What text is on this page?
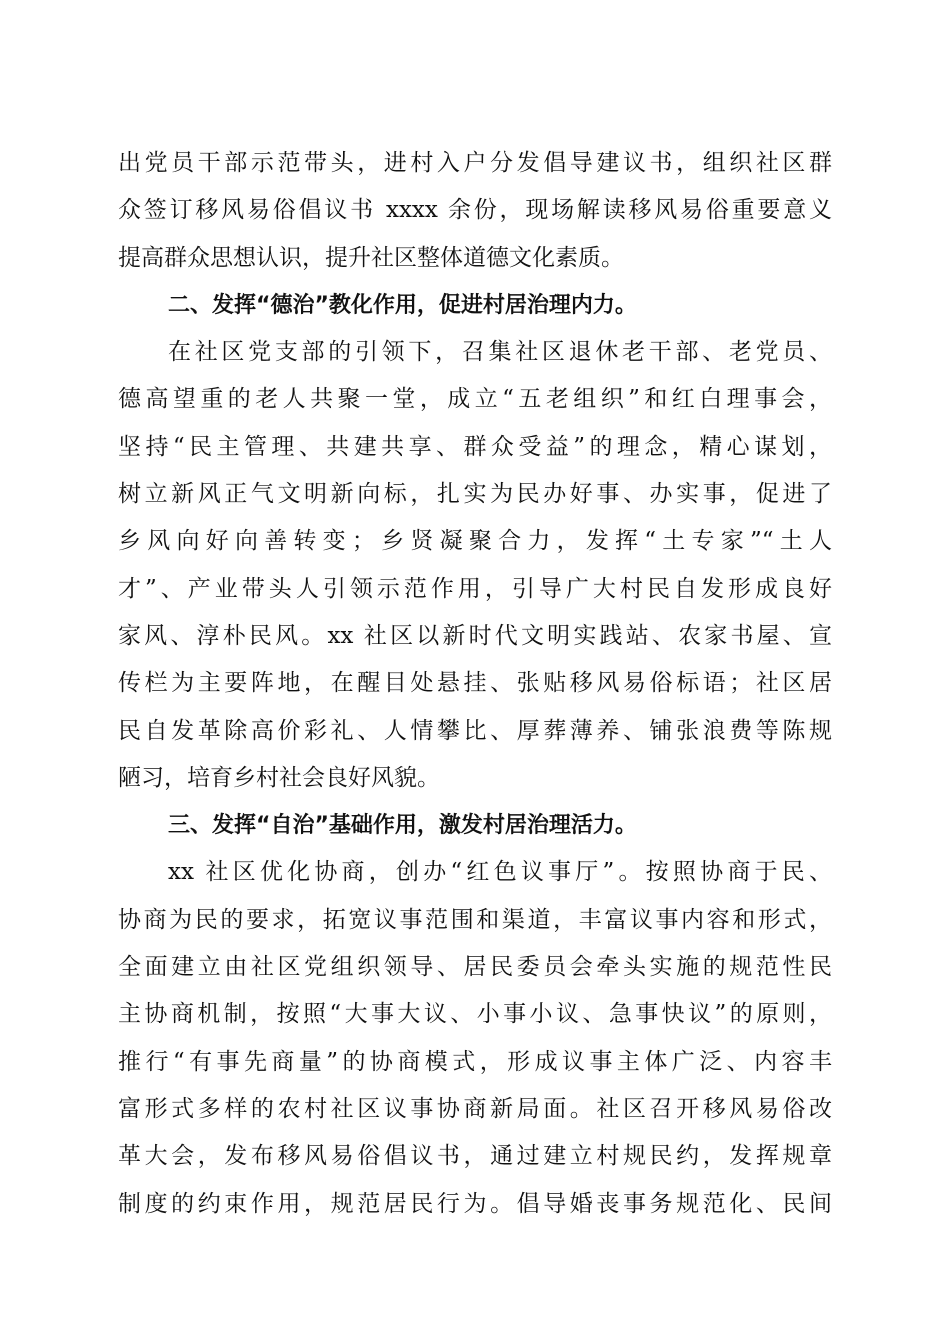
出党员干部示范带头，进村入户分发倡导建议书，组织社区群
众签订移风易俗倡议书 xxxx 余份，现场解读移风易俗重要意义
提高群众思想认识，提升社区整体道德文化素质。
二、发挥“德治”教化作用，促进村居治理内力。
在社区党支部的引领下，召集社区退休老干部、老党员、
德高望重的老人共聚一堂，成立“五老组织”和红白理事会，
坚持“民主管理、共建共享、群众受益”的理念，精心谋划，
树立新风正气文明新向标，扎实为民办好事、办实事，促进了
乡风向好向善转变；乡贤凝聚合力，发挥“土专家”“土人
才”、产业带头人引领示范作用，引导广大村民自发形成良好
家风、淳朴民风。xx 社区以新时代文明实践站、农家书屋、宣
传栏为主要阵地，在醒目处悬挂、张贴移风易俗标语；社区居
民自发革除高价彩礼、人情攀比、厚葬薄养、铺张浪费等陈规
陋习，培育乡村社会良好风貌。
三、发挥“自治”基础作用，激发村居治理活力。
xx 社区优化协商，创办“红色议事厅”。按照协商于民、
协商为民的要求，拓宽议事范围和渠道，丰富议事内容和形式，
全面建立由社区党组织领导、居民委员会牵头实施的规范性民
主协商机制，按照“大事大议、小事小议、急事快议”的原则，
推行“有事先商量”的协商模式，形成议事主体广泛、内容丰
富形式多样的农村社区议事协商新局面。社区召开移风易俗改
革大会，发布移风易俗倡议书，通过建立村规民约，发挥规章
制度的约束作用，规范居民行为。倡导婚丧事务规范化、民间
